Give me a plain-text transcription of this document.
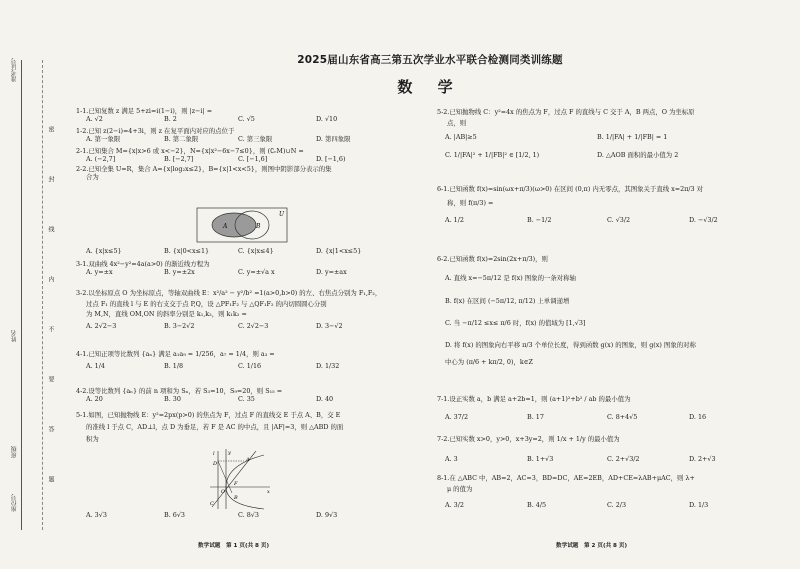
准考证号
姓名
班级
座位号
密
封
线
内
不
要
答
题
2025届山东省高三第五次学业水平联合检测同类训练题
数 学
1-1.已知复数 z 满足 5+zi=i(1−i)，则 |z−i| =
A. √2	B. 2	C. √5	D. √10
1-2.已知 z(2−i)=4+3i，则 z 在复平面内对应的点位于
A. 第一象限	B. 第二象限	C. 第三象限	D. 第四象限
2-1.已知集合 M={x|x>6 或 x<−2}，N={x|x²−6x−7≤0}，则 (∁ᵣM)∪N =
A. (−2,7]	B. [−2,7]	C. [−1,6]	D. [−1,6)
2-2.已知全集 U=R，集合 A={x|log₂x≤2}，B={x|1<x<5}，则图中阴影部分表示的集
合为
A	B
U
A. {x|x≤5}	B. {x|0<x≤1}	C. {x|x≤4}	D. {x|1<x≤5}
3-1.双曲线 4x²−y²=4a(a>0) 的渐近线方程为
A. y=±x	B. y=±2x	C. y=±√a x	D. y=±ax
3-2.以坐标原点 O 为坐标原点，等轴双曲线 E：x²/a² − y²/b² =1(a>0,b>0) 的左、右焦点分别为 F₁,F₂，
过点 F₁ 的直线 l 与 E 的右支交于点 P,Q，设 △PF₁F₂ 与 △QF₁F₂ 的内切圆圆心分别
为 M,N，直线 OM,ON 的斜率分别是 k₁,k₂，则 k₁k₂ =
A. 2√2−3	B. 3−2√2	C. 2√2−3	D. 3−√2
4-1.已知正项等比数列 {aₙ} 满足 a₁a₉ = 1/256，a₇ = 1/4，则 a₃ =
A. 1/4	B. 1/8	C. 1/16	D. 1/32
4-2.设等比数列 {aₙ} 的前 n 项和为 Sₙ，若 S₃=10，S₉=20，则 S₁₅ =
A. 20	B. 30	C. 35	D. 40
5-1.如图，已知抛物线 E：y²=2px(p>0) 的焦点为 F，过点 F 的直线交 E 于点 A、B，交 E
的准线 l 于点 C，AD⊥l，点 D 为垂足，若 F 是 AC 的中点，且 |AF|=3，则 △ABD 的面
积为
y
l
A
D
F
O	x
C
B
A. 3√3	B. 6√3	C. 8√3	D. 9√3
5-2.已知抛物线 C：y²=4x 的焦点为 F，过点 F 的直线与 C 交于 A，B 两点，O 为坐标原
点，则
A. |AB|≥5	B. 1/|FA| + 1/|FB| = 1
C. 1/|FA|² + 1/|FB|² ∈ [1/2, 1)	D. △AOB 面积的最小值为 2
6-1.已知函数 f(x)=sin(ωx+π/3)(ω>0) 在区间 (0,π) 内无零点，其图象关于直线 x=2π/3 对
称，则 f(π/3) =
A. 1/2	B. −1/2	C. √3/2	D. −√3/2
6-2.已知函数 f(x)=2sin(2x+π/3)，则
A. 直线 x=−5π/12 是 f(x) 图象的一条对称轴
B. f(x) 在区间 (−5π/12, π/12) 上单调递增
C. 当 −π/12 ≤x≤ π/6 时，f(x) 的值域为 [1,√3]
D. 将 f(x) 的图象向右平移 π/3 个单位长度，得到函数 g(x) 的图象，则 g(x) 图象的对称
中心为 (π/6 + kπ/2, 0)，k∈Z
7-1.设正实数 a，b 满足 a+2b=1，则 (a+1)²+b² / ab 的最小值为
A. 37/2	B. 17	C. 8+4√5	D. 16
7-2.已知实数 x>0，y>0，x+3y=2，则 1/x + 1/y 的最小值为
A. 3	B. 1+√3	C. 2+√3/2	D. 2+√3
8-1.在 △ABC 中，AB=2，AC=3，BD=DC，AE=2EB，AD+CE=λAB+μAC，则 λ+
μ 的值为
A. 3/2	B. 4/5	C. 2/3	D. 1/3
数学试题　第 1 页(共 8 页)	数学试题　第 2 页(共 8 页)
